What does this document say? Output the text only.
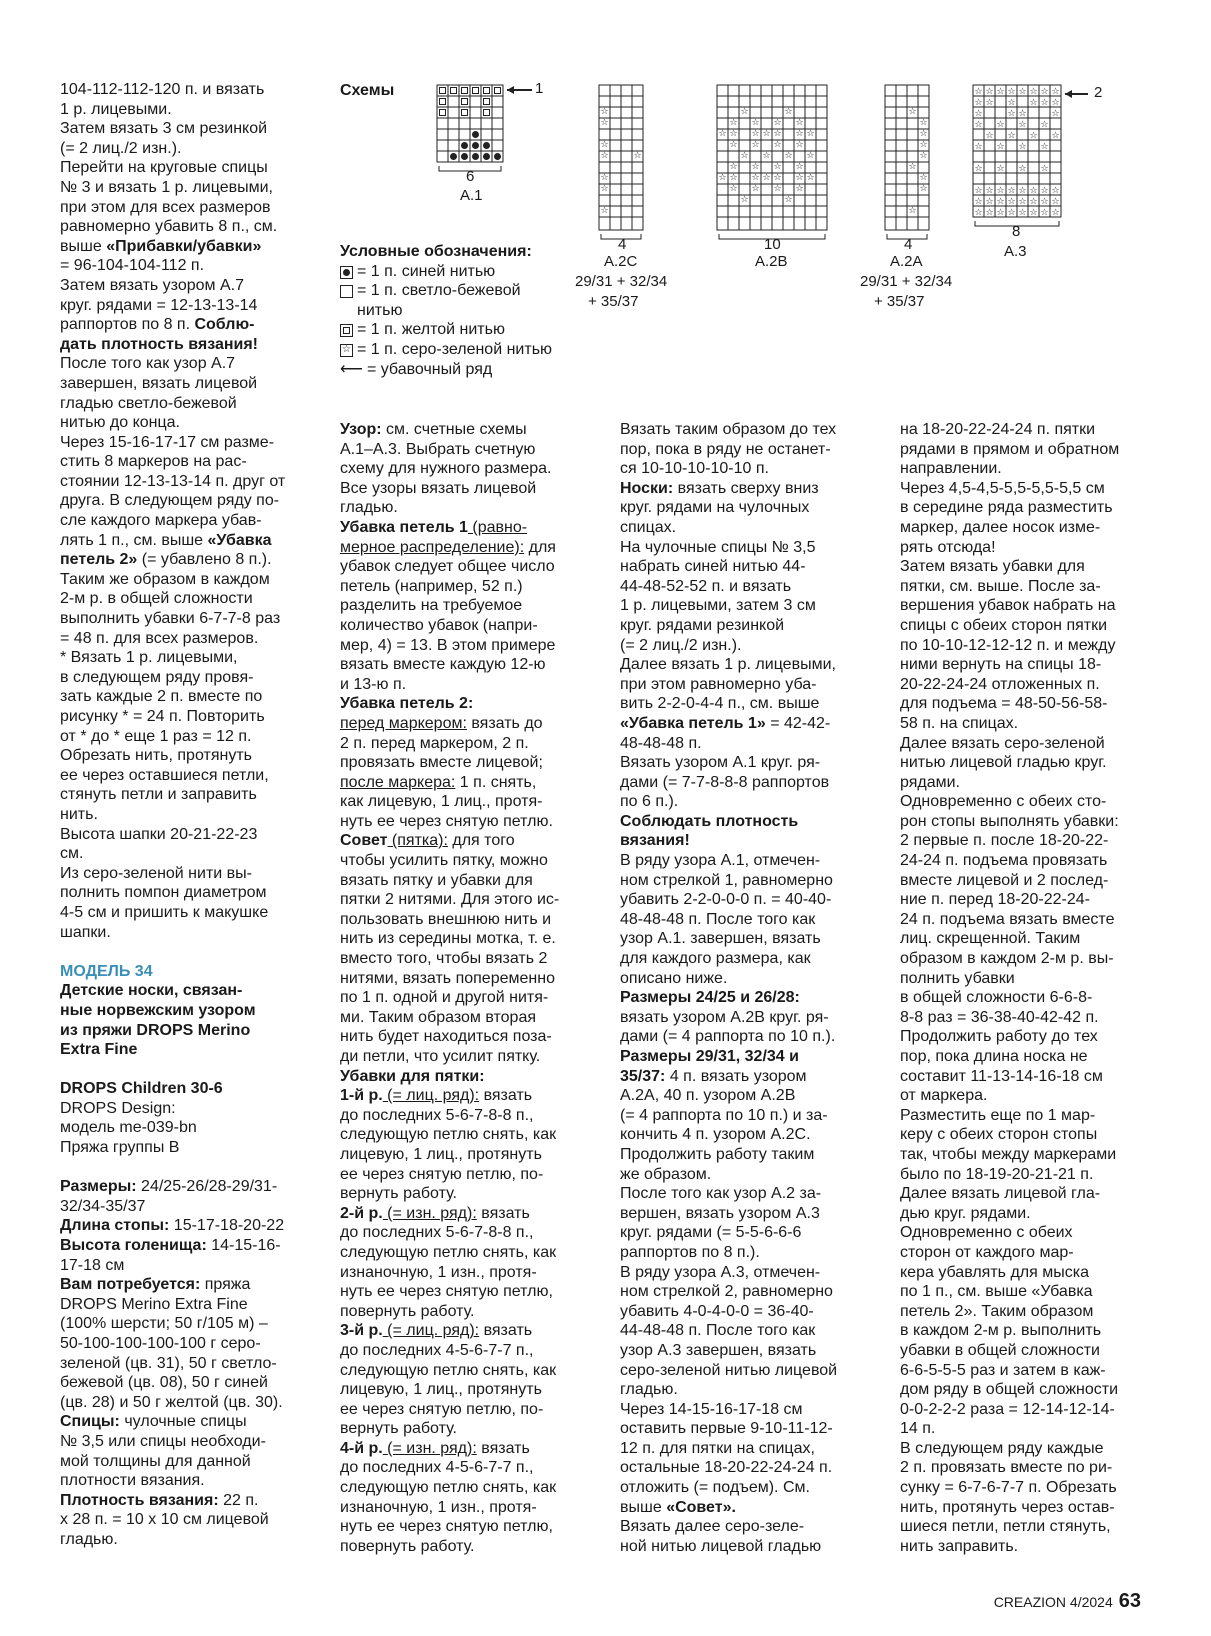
104-112-112-120 п. и вязать

1 р. лицевыми.

Затем вязать 3 см резинкой

(= 2 лиц./2 изн.).

Перейти на круговые спицы

№ 3 и вязать 1 р. лицевыми,

при этом для всех размеров

равномерно убавить 8 п., см.

выше «Прибавки/убавки»

= 96-104-104-112 п.

Затем вязать узором A.7

круг. рядами = 12-13-13-14

раппортов по 8 п. Соблю-

дать плотность вязания!

После того как узор A.7

завершен, вязать лицевой

гладью светло-бежевой

нитью до конца.

Через 15-16-17-17 см разме-

стить 8 маркеров на рас-

стоянии 12-13-13-14 п. друг от

друга. В следующем ряду по-

сле каждого маркера убав-

лять 1 п., см. выше «Убавка

петель 2» (= убавлено 8 п.).

Таким же образом в каждом

2-м р. в общей сложности

выполнить убавки 6-7-7-8 раз

= 48 п. для всех размеров.

* Вязать 1 р. лицевыми,

в следующем ряду провя-

зать каждые 2 п. вместе по

рисунку * = 24 п. Повторить

от * до * еще 1 раз = 12 п.

Обрезать нить, протянуть

ее через оставшиеся петли,

стянуть петли и заправить

нить.

Высота шапки 20-21-22-23

см.

Из серо-зеленой нити вы-

полнить помпон диаметром

4-5 см и пришить к макушке

шапки.

МОДЕЛЬ 34

Детские носки, связан-

ные норвежским узором

из пряжи DROPS Merino

Extra Fine

DROPS Children 30-6

DROPS Design:

модель me-039-bn

Пряжа группы В

Размеры: 24/25-26/28-29/31-

32/34-35/37

Длина стопы: 15-17-18-20-22

Высота голенища: 14-15-16-

17-18 см

Вам потребуется: пряжа

DROPS Merino Extra Fine

(100% шерсти; 50 г/105 м) –

50-100-100-100-100 г серо-

зеленой (цв. 31), 50 г светло-

бежевой (цв. 08), 50 г синей

(цв. 28) и 50 г желтой (цв. 30).

Спицы: чулочные спицы

№ 3,5 или спицы необходи-

мой толщины для данной

плотности вязания.

Плотность вязания: 22 п.

х 28 п. = 10 х 10 см лицевой

гладью.

Схемы	1
6
A.1
☆
☆
☆
☆	☆
☆
☆
☆
4
A.2C
29/31 + 32/34
+ 35/37
☆	☆
☆ ☆ ☆ ☆
☆ ☆ ☆ ☆ ☆ ☆ ☆
☆ ☆ ☆ ☆
☆ ☆ ☆ ☆
☆ ☆ ☆ ☆
☆ ☆ ☆ ☆ ☆ ☆ ☆
☆ ☆ ☆ ☆
☆	☆
10
A.2B
☆
☆
☆
☆
☆
☆
☆
☆
☆
4
A.2A
29/31 + 32/34
+ 35/37
☆ ☆ ☆ ☆ ☆ ☆ ☆ ☆
☆ ☆ ☆ ☆ ☆ ☆
☆	☆ ☆	☆
☆ ☆ ☆ ☆
☆ ☆ ☆ ☆
☆ ☆ ☆ ☆
☆ ☆ ☆ ☆
☆ ☆ ☆ ☆ ☆ ☆ ☆ ☆
☆ ☆ ☆ ☆ ☆ ☆ ☆ ☆
☆ ☆ ☆ ☆ ☆ ☆ ☆ ☆
2
8
A.3

Условные обозначения:

= 1 п. синей нитью
= 1 п. светло-бежевой
нитью
= 1 п. желтой нитью
☆ = 1 п. серо-зеленой нитью
⟵ = убавочный ряд

Узор: см. счетные схемы

A.1–A.3. Выбрать счетную

схему для нужного размера.

Все узоры вязать лицевой

гладью.

Убавка петель 1 (равно-

мерное распределение): для

убавок следует общее число

петель (например, 52 п.)

разделить на требуемое

количество убавок (напри-

мер, 4) = 13. В этом примере

вязать вместе каждую 12-ю

и 13-ю п.

Убавка петель 2:

перед маркером: вязать до

2 п. перед маркером, 2 п.

провязать вместе лицевой;

после маркера: 1 п. снять,

как лицевую, 1 лиц., протя-

нуть ее через снятую петлю.

Совет (пятка): для того

чтобы усилить пятку, можно

вязать пятку и убавки для

пятки 2 нитями. Для этого ис-

пользовать внешнюю нить и

нить из середины мотка, т. е.

вместо того, чтобы вязать 2

нитями, вязать попеременно

по 1 п. одной и другой нитя-

ми. Таким образом вторая

нить будет находиться поза-

ди петли, что усилит пятку.

Убавки для пятки:

1-й р. (= лиц. ряд): вязать

до последних 5-6-7-8-8 п.,

следующую петлю снять, как

лицевую, 1 лиц., протянуть

ее через снятую петлю, по-

вернуть работу.

2-й р. (= изн. ряд): вязать

до последних 5-6-7-8-8 п.,

следующую петлю снять, как

изнаночную, 1 изн., протя-

нуть ее через снятую петлю,

повернуть работу.

3-й р. (= лиц. ряд): вязать

до последних 4-5-6-7-7 п.,

следующую петлю снять, как

лицевую, 1 лиц., протянуть

ее через снятую петлю, по-

вернуть работу.

4-й р. (= изн. ряд): вязать

до последних 4-5-6-7-7 п.,

следующую петлю снять, как

изнаночную, 1 изн., протя-

нуть ее через снятую петлю,

повернуть работу.

Вязать таким образом до тех

пор, пока в ряду не останет-

ся 10-10-10-10-10 п.

Носки: вязать сверху вниз

круг. рядами на чулочных

спицах.

На чулочные спицы № 3,5

набрать синей нитью 44-

44-48-52-52 п. и вязать

1 р. лицевыми, затем 3 см

круг. рядами резинкой

(= 2 лиц./2 изн.).

Далее вязать 1 р. лицевыми,

при этом равномерно уба-

вить 2-2-0-4-4 п., см. выше

«Убавка петель 1» = 42-42-

48-48-48 п.

Вязать узором A.1 круг. ря-

дами (= 7-7-8-8-8 раппортов

по 6 п.).

Соблюдать плотность

вязания!

В ряду узора A.1, отмечен-

ном стрелкой 1, равномерно

убавить 2-2-0-0-0 п. = 40-40-

48-48-48 п. После того как

узор A.1. завершен, вязать

для каждого размера, как

описано ниже.

Размеры 24/25 и 26/28:

вязать узором A.2B круг. ря-

дами (= 4 раппорта по 10 п.).

Размеры 29/31, 32/34 и

35/37: 4 п. вязать узором

A.2A, 40 п. узором A.2B

(= 4 раппорта по 10 п.) и за-

кончить 4 п. узором A.2C.

Продолжить работу таким

же образом.

После того как узор A.2 за-

вершен, вязать узором A.3

круг. рядами (= 5-5-6-6-6

раппортов по 8 п.).

В ряду узора A.3, отмечен-

ном стрелкой 2, равномерно

убавить 4-0-4-0-0 = 36-40-

44-48-48 п. После того как

узор A.3 завершен, вязать

серо-зеленой нитью лицевой

гладью.

Через 14-15-16-17-18 см

оставить первые 9-10-11-12-

12 п. для пятки на спицах,

остальные 18-20-22-24-24 п.

отложить (= подъем). См.

выше «Совет».

Вязать далее серо-зеле-

ной нитью лицевой гладью

на 18-20-22-24-24 п. пятки

рядами в прямом и обратном

направлении.

Через 4,5-4,5-5,5-5,5-5,5 см

в середине ряда разместить

маркер, далее носок изме-

рять отсюда!

Затем вязать убавки для

пятки, см. выше. После за-

вершения убавок набрать на

спицы с обеих сторон пятки

по 10-10-12-12-12 п. и между

ними вернуть на спицы 18-

20-22-24-24 отложенных п.

для подъема = 48-50-56-58-

58 п. на спицах.

Далее вязать серо-зеленой

нитью лицевой гладью круг.

рядами.

Одновременно с обеих сто-

рон стопы выполнять убавки:

2 первые п. после 18-20-22-

24-24 п. подъема провязать

вместе лицевой и 2 послед-

ние п. перед 18-20-22-24-

24 п. подъема вязать вместе

лиц. скрещенной. Таким

образом в каждом 2-м р. вы-

полнить убавки

в общей сложности 6-6-8-

8-8 раз = 36-38-40-42-42 п.

Продолжить работу до тех

пор, пока длина носка не

составит 11-13-14-16-18 см

от маркера.

Разместить еще по 1 мар-

керу с обеих сторон стопы

так, чтобы между маркерами

было по 18-19-20-21-21 п.

Далее вязать лицевой гла-

дью круг. рядами.

Одновременно с обеих

сторон от каждого мар-

кера убавлять для мыска

по 1 п., см. выше «Убавка

петель 2». Таким образом

в каждом 2-м р. выполнить

убавки в общей сложности

6-6-5-5-5 раз и затем в каж-

дом ряду в общей сложности

0-0-2-2-2 раза = 12-14-12-14-

14 п.

В следующем ряду каждые

2 п. провязать вместе по ри-

сунку = 6-7-6-7-7 п. Обрезать

нить, протянуть через остав-

шиеся петли, петли стянуть,

нить заправить.

CREAZION 4/2024 63
